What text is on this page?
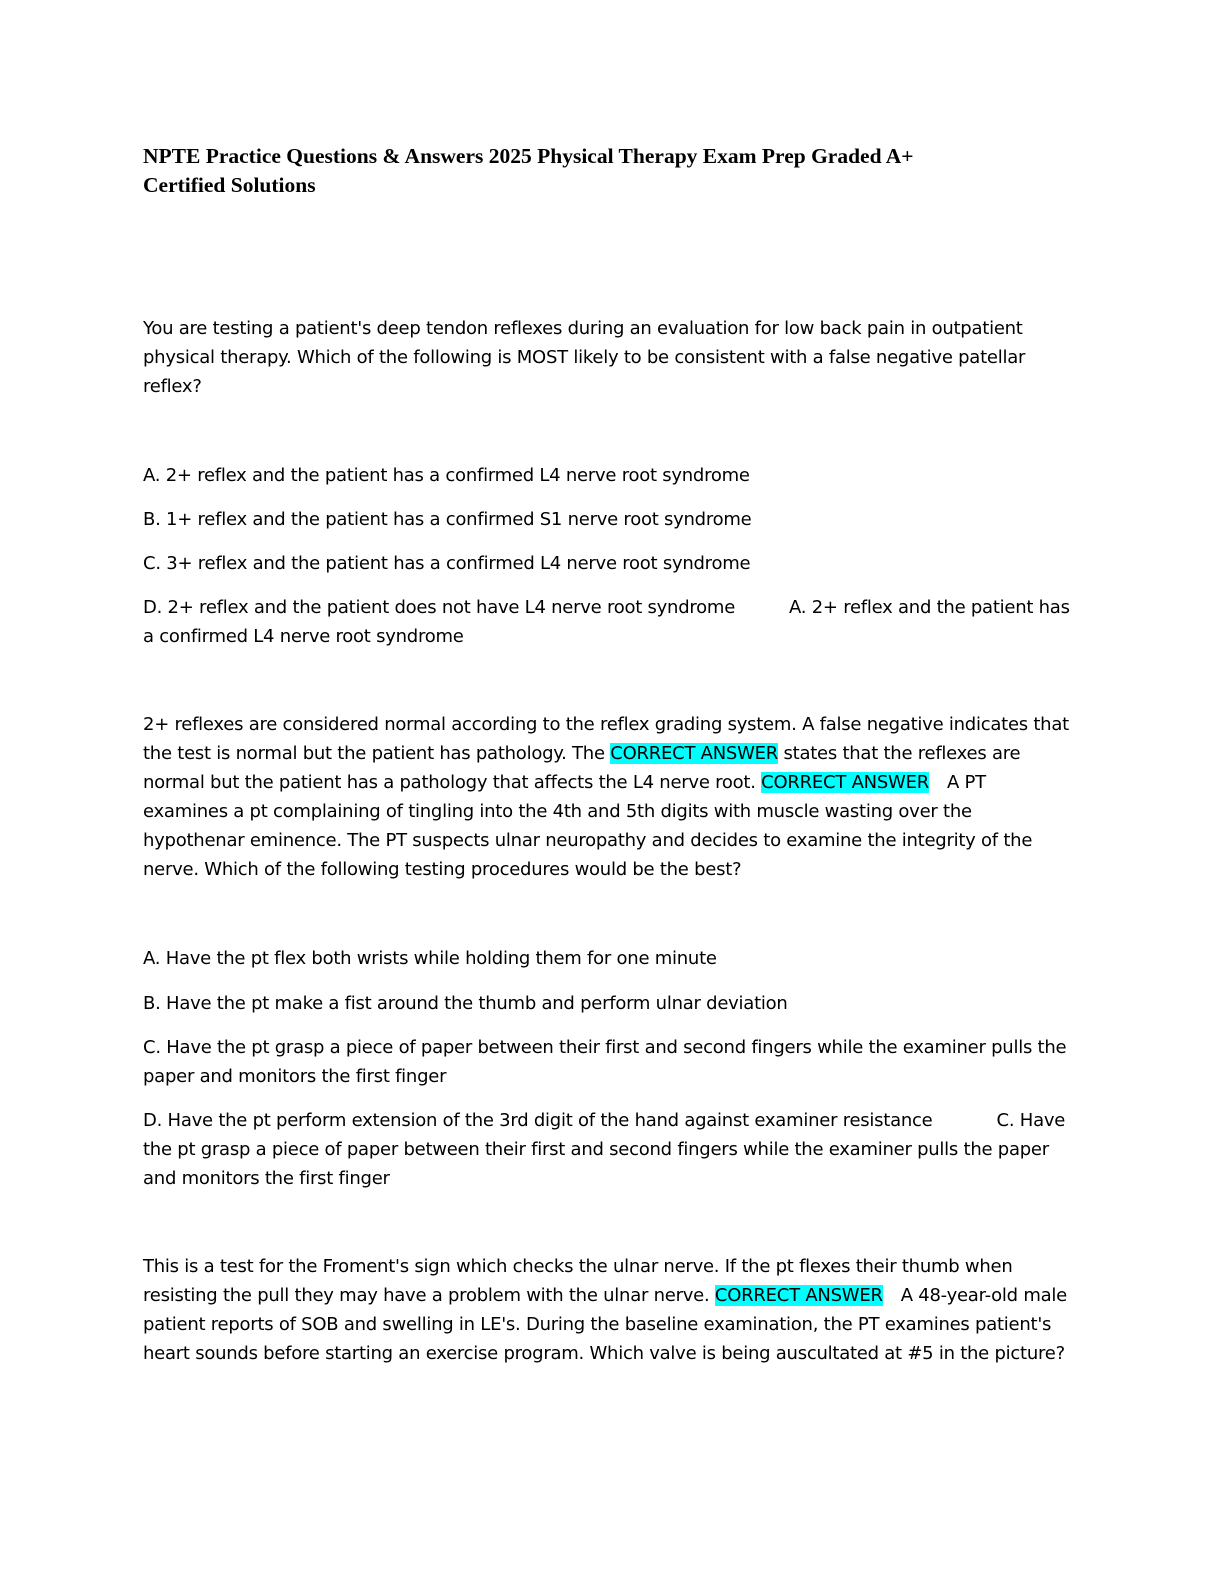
NPTE Practice Questions & Answers 2025 Physical Therapy Exam Prep Graded A+
Certified Solutions

You are testing a patient's deep tendon reflexes during an evaluation for low back pain in outpatient
physical therapy. Which of the following is MOST likely to be consistent with a false negative patellar
reflex?

A. 2+ reflex and the patient has a confirmed L4 nerve root syndrome

B. 1+ reflex and the patient has a confirmed S1 nerve root syndrome

C. 3+ reflex and the patient has a confirmed L4 nerve root syndrome

D. 2+ reflex and the patient does not have L4 nerve root syndrome	A. 2+ reflex and the patient has
a confirmed L4 nerve root syndrome

2+ reflexes are considered normal according to the reflex grading system. A false negative indicates that
the test is normal but the patient has pathology. The CORRECT ANSWER states that the reflexes are
normal but the patient has a pathology that affects the L4 nerve root. CORRECT ANSWER A PT
examines a pt complaining of tingling into the 4th and 5th digits with muscle wasting over the
hypothenar eminence. The PT suspects ulnar neuropathy and decides to examine the integrity of the
nerve. Which of the following testing procedures would be the best?

A. Have the pt flex both wrists while holding them for one minute

B. Have the pt make a fist around the thumb and perform ulnar deviation

C. Have the pt grasp a piece of paper between their first and second fingers while the examiner pulls the
paper and monitors the first finger

D. Have the pt perform extension of the 3rd digit of the hand against examiner resistance	C. Have
the pt grasp a piece of paper between their first and second fingers while the examiner pulls the paper
and monitors the first finger

This is a test for the Froment's sign which checks the ulnar nerve. If the pt flexes their thumb when
resisting the pull they may have a problem with the ulnar nerve. CORRECT ANSWER A 48-year-old male
patient reports of SOB and swelling in LE's. During the baseline examination, the PT examines patient's
heart sounds before starting an exercise program. Which valve is being auscultated at #5 in the picture?
